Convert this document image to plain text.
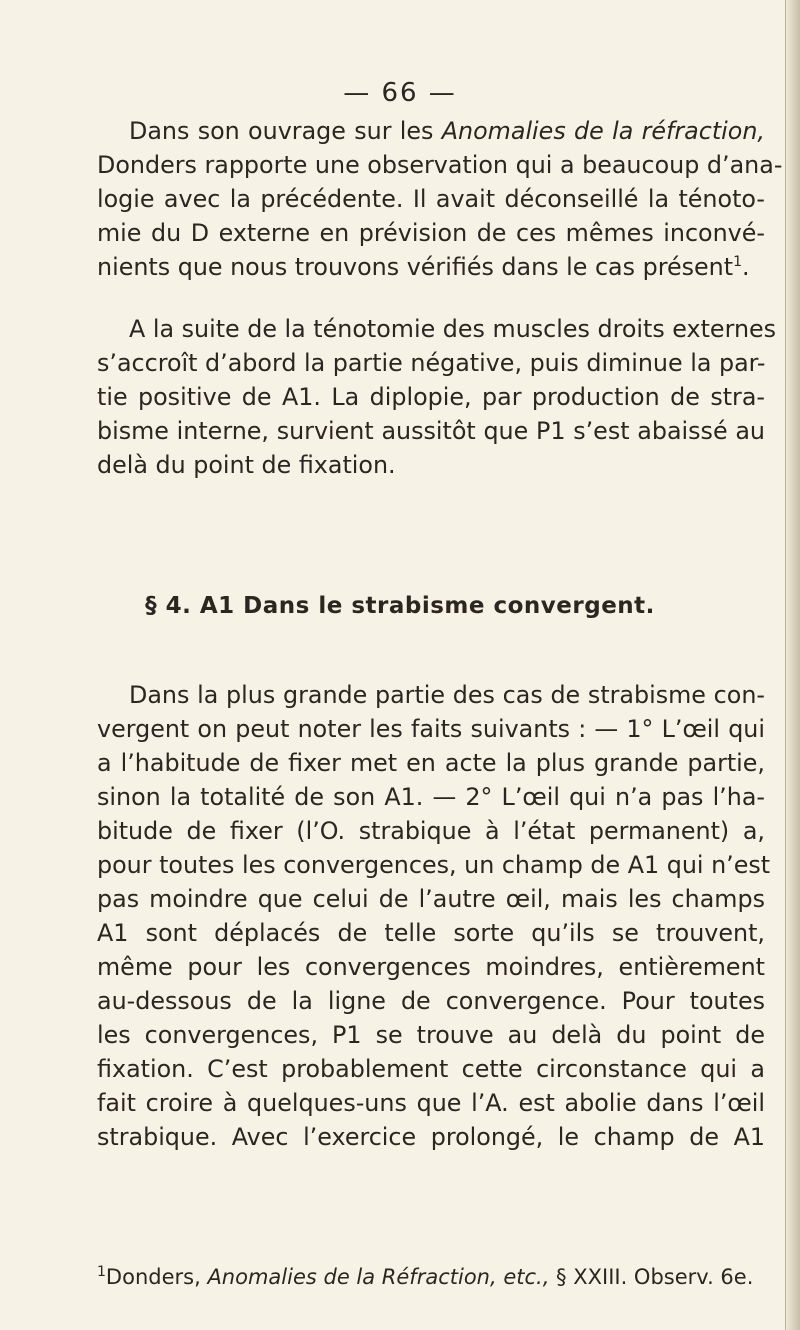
— 66 —

Dans son ouvrage sur les Anomalies de la réfraction,
Donders rapporte une observation qui a beaucoup d’ana-
logie avec la précédente. Il avait déconseillé la ténoto-
mie du D externe en prévision de ces mêmes inconvé-
nients que nous trouvons vérifiés dans le cas présent$^1$.

A la suite de la ténotomie des muscles droits externes
s’accroît d’abord la partie négative, puis diminue la par-
tie positive de A1. La diplopie, par production de stra-
bisme interne, survient aussitôt que P1 s’est abaissé au
delà du point de fixation.

§ 4. A1 Dans le strabisme convergent.

Dans la plus grande partie des cas de strabisme con-
vergent on peut noter les faits suivants : — 1° L’œil qui
a l’habitude de fixer met en acte la plus grande partie,
sinon la totalité de son A1. — 2° L’œil qui n’a pas l’ha-
bitude de fixer (l’O. strabique à l’état permanent) a,
pour toutes les convergences, un champ de A1 qui n’est
pas moindre que celui de l’autre œil, mais les champs
A1 sont déplacés de telle sorte qu’ils se trouvent,
même pour les convergences moindres, entièrement
au-dessous de la ligne de convergence. Pour toutes
les convergences, P1 se trouve au delà du point de
fixation. C’est probablement cette circonstance qui a
fait croire à quelques-uns que l’A. est abolie dans l’œil
strabique. Avec l’exercice prolongé, le champ de A1

$^1$Donders, Anomalies de la Réfraction, etc., § XXIII. Observ. 6e.
